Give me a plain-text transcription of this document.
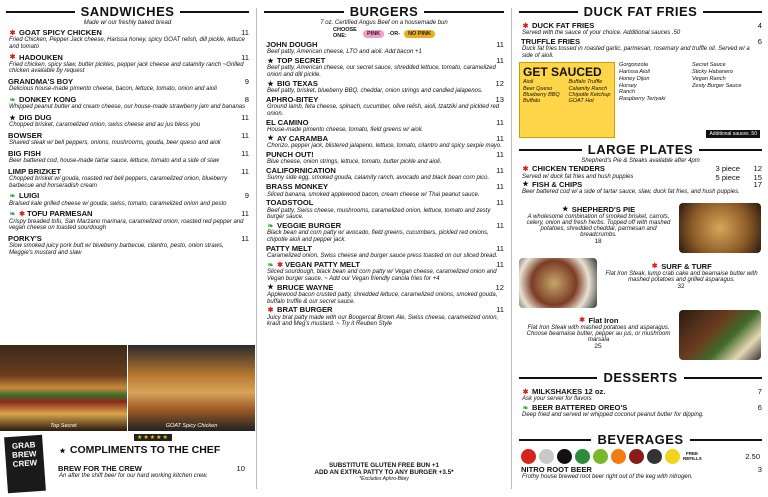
SANDWICHES
Made w/ our freshly baked bread
✱ GOAT SPICY CHICKEN	11
Fried Chicken, Pepper Jack cheese, Harissa honey, spicy GOAT relish, dill pickle, lettuce and tomato
✱ HADOUKEN	11
Fried chicken, spicy slaw, butter pickles, pepper jack cheese and calamity ranch ~Grilled chicken available by request
GRANDMA'S BOY	9
Delicious house-made pimento cheese, bacon, lettuce, tomato, onion and aioli
❧ DONKEY KONG	8
Whipped peanut butter and cream cheese, our house-made strawberry jam and bananas
★ DIG DUG	11
Chopped brisket, caramelized onion, swiss cheese and au jus bless you
BOWSER	11
Shaved steak w/ bell peppers, onions, mushrooms, gouda, beer queso and aioli
BIG FISH	11
Beer battered cod, house-made tartar sauce, lettuce, tomato and a side of slaw
LIMP BRIZKET	11
Chopped brisket w/ gouda, roasted red bell peppers, caramelized onion, blueberry barbecue and horseradish cream
❧ LUIGI	9
Braised kale grilled cheese w/ gouda, swiss, tomato, caramelized onion and pesto
❧ ✱ TOFU PARMESAN	11
Crispy breaded tofu, San Marzano marinara, caramelized onion, roasted red pepper and vegan cheese on toasted sourdough
PORKY'S	11
Slow smoked juicy pork butt w/ blueberry barbecue, cilantro, pesto, onion straws, Meggie's mustard and slaw
Top Secret	GOAT Spicy Chicken
GRAB
BREW
CREW
★★★★★
★ COMPLIMENTS TO THE CHEF
BREW FOR THE CREW	10
An after the shift beer for our hard working kitchen crew.
BURGERS
7 oz. Certified Angus Beef on a housemade bun
CHOOSE ONE:	PINK	-OR-	NO PINK
JOHN DOUGH	11
Beef patty, American cheese, LTO and aioli. Add bacon +1
★ TOP SECRET	11
Beef patty, American cheese, our secret sauce, shredded lettuce, tomato, caramelized onion and dill pickle.
★ BIG TEXAS	12
Beef patty, brisket, blueberry BBQ, cheddar, onion strings and candied jalapenos.
APHRO-BITEY	13
Ground lamb, feta cheese, spinach, cucumber, olive relish, aioli, tzatziki and pickled red onion.
EL CAMINO	11
House-made pimento cheese, tomato, field greens w/ aioli.
★ AY CARAMBA	11
Chorizo, pepper jack, blistered jalapeno, lettuce, tomato, cilantro and spicy sexpie mayo.
PUNCH OUT!	11
Blue cheese, onion strings, lettuce, tomato, butter pickle and aioli.
CALIFORNICATION	11
Sunny side egg, smoked gouda, calamity ranch, avocado and black bean corn pico.
BRASS MONKEY	11
Sliced banana, smoked applewood bacon, cream cheese w/ Thai peanut sauce.
TOADSTOOL	11
Beef patty, Swiss cheese, mushrooms, caramelized onion, lettuce, tomato and zesty burger sauce.
❧ VEGGIE BURGER	11
Black bean and corn patty w/ avocado, field greens, cucumbers, pickled red onions, chipotle aioli and pepper jack.
PATTY MELT	11
Caramelized onion, Swiss cheese and burger sauce press toasted on our sliced bread.
❧ ✱ VEGAN PATTY MELT	11
Sliced sourdough, black bean and corn patty w/ Vegan cheese, caramelized onion and Vegan burger sauce. ~ Add our Vegan friendly canola fries for +4
★ BRUCE WAYNE	12
Applewood bacon crusted patty, shredded lettuce, caramelized onions, smoked gouda, buffalo truffle & our secret sauce.
✱ BRAT BURGER	11
Juicy brat patty made with our Boogercat Brown Ale, Swiss cheese, caramelized onion, kraut and Meg's mustard. ~ Try it Reuben Style
SUBSTITUTE GLUTEN FREE BUN +1
ADD AN EXTRA PATTY TO ANY BURGER +3.5*
*Excludes Aphro-Bitey
DUCK FAT FRIES
✱ DUCK FAT FRIES	4
Served with the sauce of your choice. Additional sauces .50
TRUFFLE FRIES	6
Duck fat fries tossed in roasted garlic, parmesan, rosemary and truffle oil. Served w/ a side of aioli.
GET SAUCED
Aioli	Buffalo Truffle
Beer Queso	Calamity Ranch
Blueberry BBQ	Chipotle Ketchup
Buffalo	GOAT Hot
Gorgonzola	Secret Sauce
Harissa Aioli	Sticky Habanero
Honey Dijon	Vegan Ranch
Horsey	Zesty Burger Sauce
Ranch
Raspberry Teriyaki
Additional sauces .50
LARGE PLATES
Shepherd's Pie & Steaks available after 4pm
✱ CHICKEN TENDERS	3 piece 12
5 piece 15
Served w/ duck fat fries and hush puppies
★ FISH & CHIPS	17
Beer battered cod w/ a side of tartar sauce, slaw, duck fat fries, and hush puppies.
★ SHEPHERD'S PIE
A wholesome combination of smoked brisket, carrots, celery, onion and fresh herbs. Topped off with mashed potatoes, shredded cheddar, parmesan and breadcrumbs.
18
✱ SURF & TURF
Flat Iron Steak, lump crab cake and bearnaise butter with mashed potatoes and grilled asparagus.
32
✱ Flat Iron
Flat Iron Steak with mashed potatoes and asparagus. Choose bearnaise butter, pepper au jus, or mushroom marsala
25
DESSERTS
✱ MILKSHAKES 12 oz.	7
Ask your server for flavors
❧ BEER BATTERED OREO'S	6
Deep fried and served w/ whipped coconut peanut butter for dipping.
BEVERAGES
FREE REFILLS	2.50
NITRO ROOT BEER	3
Frothy house brewed root beer right out of the keg with nitrogen.
